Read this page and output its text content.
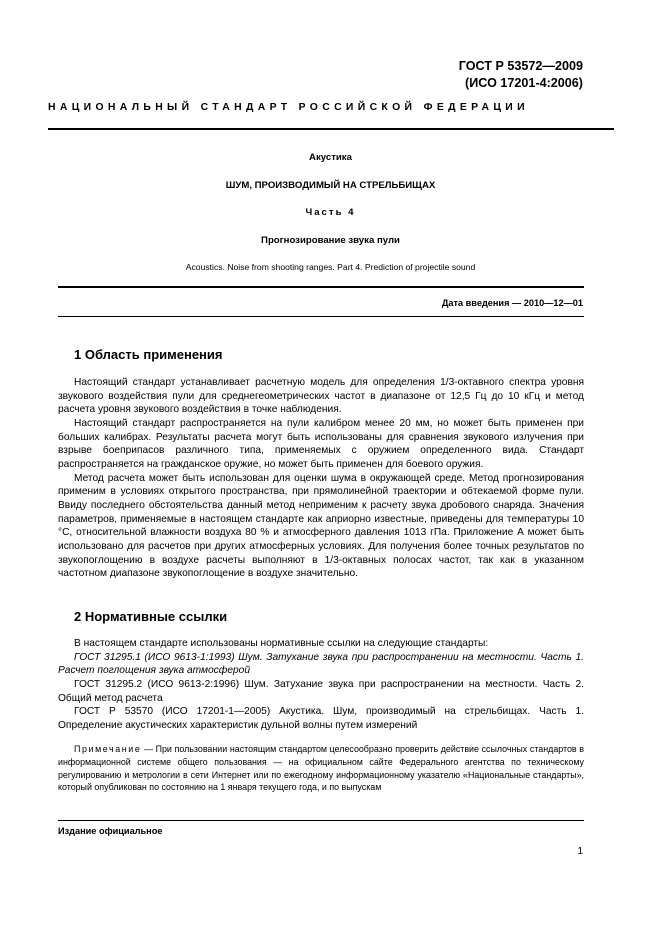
ГОСТ Р 53572—2009
(ИСО 17201-4:2006)
НАЦИОНАЛЬНЫЙ СТАНДАРТ РОССИЙСКОЙ ФЕДЕРАЦИИ
Акустика
ШУМ, ПРОИЗВОДИМЫЙ НА СТРЕЛЬБИЩАХ
Часть 4
Прогнозирование звука пули
Acoustics. Noise from shooting ranges. Part 4. Prediction of projectile sound
Дата введения — 2010—12—01
1 Область применения

Настоящий стандарт устанавливает расчетную модель для определения 1/3-октавного спектра уровня звукового воздействия пули для среднегеометрических частот в диапазоне от 12,5 Гц до 10 кГц и метод расчета уровня звукового воздействия в точке наблюдения.

Настоящий стандарт распространяется на пули калибром менее 20 мм, но может быть применен при больших калибрах. Результаты расчета могут быть использованы для сравнения звукового излучения при взрыве боеприпасов различного типа, применяемых с оружием определенного вида. Стандарт распространяется на гражданское оружие, но может быть применен для боевого оружия.

Метод расчета может быть использован для оценки шума в окружающей среде. Метод прогнозирования применим в условиях открытого пространства, при прямолинейной траектории и обтекаемой форме пули. Ввиду последнего обстоятельства данный метод неприменим к расчету звука дробового снаряда. Значения параметров, применяемые в настоящем стандарте как априорно известные, приведены для температуры 10 °С, относительной влажности воздуха 80 % и атмосферного давления 1013 гПа. Приложение А может быть использовано для расчетов при других атмосферных условиях. Для получения более точных результатов по звукопоглощению в воздухе расчеты выполняют в 1/3-октавных полосах частот, так как в указанном частотном диапазоне звукопоглощение в воздухе значительно.

2 Нормативные ссылки

В настоящем стандарте использованы нормативные ссылки на следующие стандарты:

ГОСТ 31295.1 (ИСО 9613-1:1993) Шум. Затухание звука при распространении на местности. Часть 1. Расчет поглощения звука атмосферой

ГОСТ 31295.2 (ИСО 9613-2:1996) Шум. Затухание звука при распространении на местности. Часть 2. Общий метод расчета

ГОСТ Р 53570 (ИСО 17201-1—2005) Акустика. Шум, производимый на стрельбищах. Часть 1. Определение акустических характеристик дульной волны путем измерений

Примечание — При пользовании настоящим стандартом целесообразно проверить действие ссылочных стандартов в информационной системе общего пользования — на официальном сайте Федерального агентства по техническому регулированию и метрологии в сети Интернет или по ежегодному информационному указателю «Национальные стандарты», который опубликован по состоянию на 1 января текущего года, и по выпускам

Издание официальное
1
